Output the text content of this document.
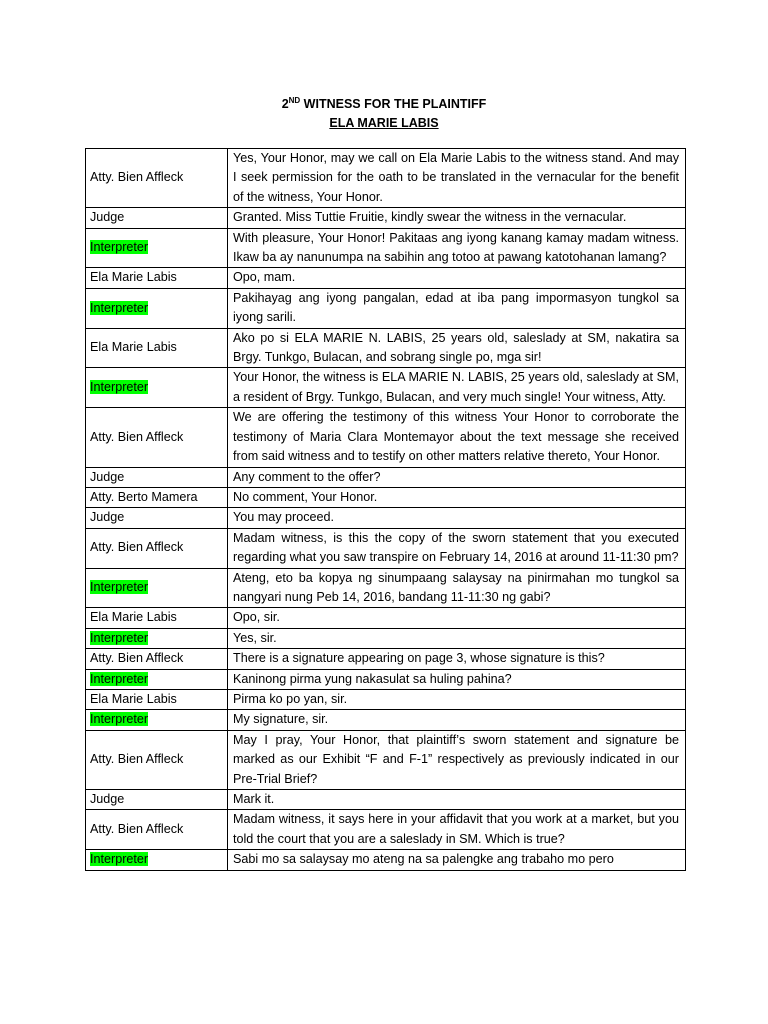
2ND WITNESS FOR THE PLAINTIFF
ELA MARIE LABIS
Atty. Bien Affleck	Yes, Your Honor, may we call on Ela Marie Labis to the witness stand. And may I seek permission for the oath to be translated in the vernacular for the benefit of the witness, Your Honor.
Judge	Granted. Miss Tuttie Fruitie, kindly swear the witness in the vernacular.
Interpreter	With pleasure, Your Honor! Pakitaas ang iyong kanang kamay madam witness. Ikaw ba ay nanunumpa na sabihin ang totoo at pawang katotohanan lamang?
Ela Marie Labis	Opo, mam.
Interpreter	Pakihayag ang iyong pangalan, edad at iba pang impormasyon tungkol sa iyong sarili.
Ela Marie Labis	Ako po si ELA MARIE N. LABIS, 25 years old, saleslady at SM, nakatira sa Brgy. Tunkgo, Bulacan, and sobrang single po, mga sir!
Interpreter	Your Honor, the witness is ELA MARIE N. LABIS, 25 years old, saleslady at SM, a resident of Brgy. Tunkgo, Bulacan, and very much single! Your witness, Atty.
Atty. Bien Affleck	We are offering the testimony of this witness Your Honor to corroborate the testimony of Maria Clara Montemayor about the text message she received from said witness and to testify on other matters relative thereto, Your Honor.
Judge	Any comment to the offer?
Atty. Berto Mamera	No comment, Your Honor.
Judge	You may proceed.
Atty. Bien Affleck	Madam witness, is this the copy of the sworn statement that you executed regarding what you saw transpire on February 14, 2016 at around 11-11:30 pm?
Interpreter	Ateng, eto ba kopya ng sinumpaang salaysay na pinirmahan mo tungkol sa nangyari nung Peb 14, 2016, bandang 11-11:30 ng gabi?
Ela Marie Labis	Opo, sir.
Interpreter	Yes, sir.
Atty. Bien Affleck	There is a signature appearing on page 3, whose signature is this?
Interpreter	Kaninong pirma yung nakasulat sa huling pahina?
Ela Marie Labis	Pirma ko po yan, sir.
Interpreter	My signature, sir.
Atty. Bien Affleck	May I pray, Your Honor, that plaintiff’s sworn statement and signature be marked as our Exhibit “F and F-1” respectively as previously indicated in our Pre-Trial Brief?
Judge	Mark it.
Atty. Bien Affleck	Madam witness, it says here in your affidavit that you work at a market, but you told the court that you are a saleslady in SM. Which is true?
Interpreter	Sabi mo sa salaysay mo ateng na sa palengke ang trabaho mo pero
